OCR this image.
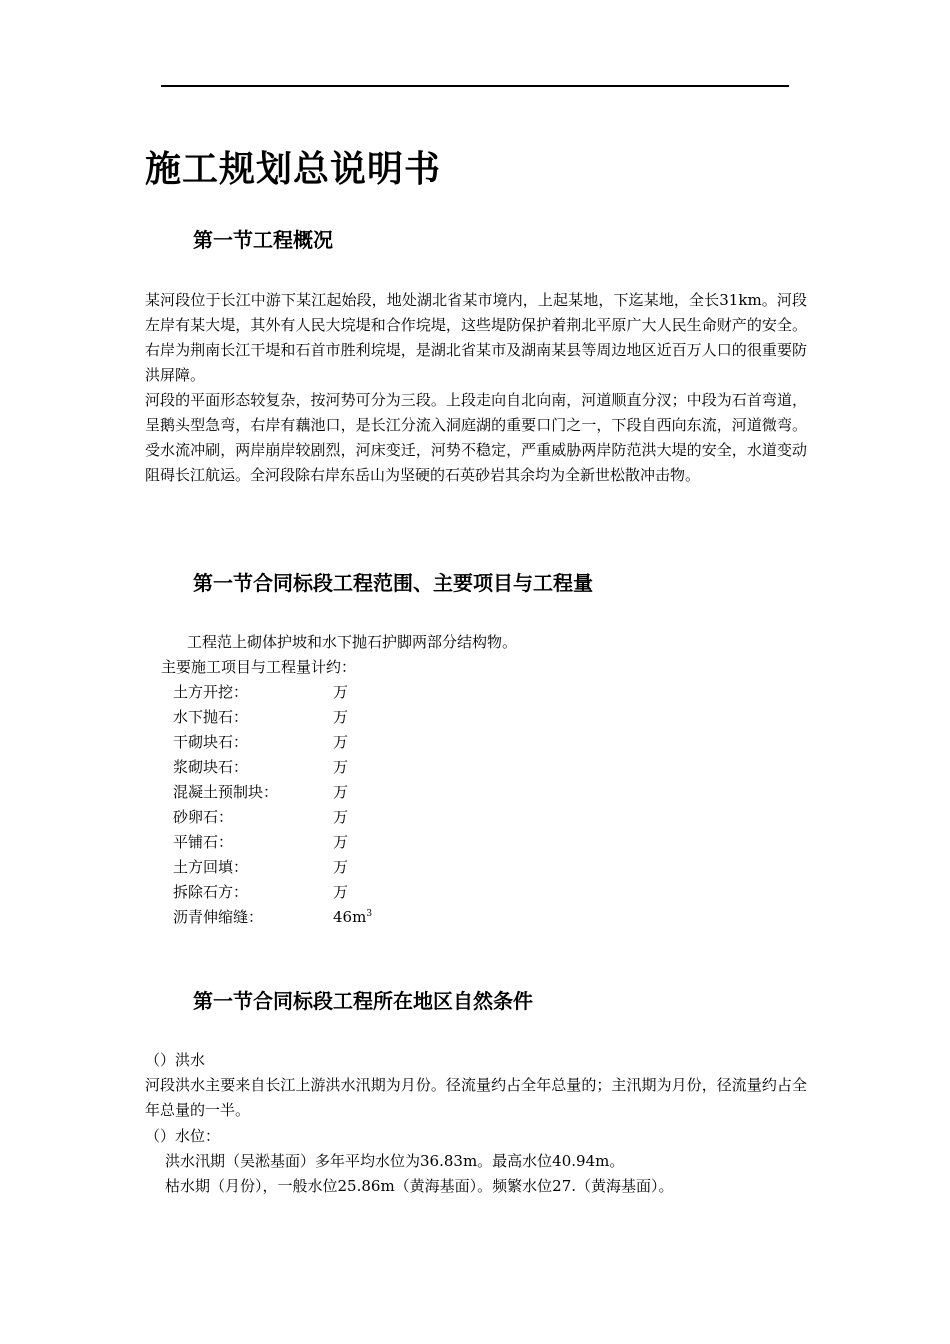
施工规划总说明书
第一节工程概况

某河段位于长江中游下某江起始段，地处湖北省某市境内，上起某地，下迄某地，全长31km。河段左岸有某大堤，其外有人民大垸堤和合作垸堤，这些堤防保护着荆北平原广大人民生命财产的安全。右岸为荆南长江干堤和石首市胜利垸堤，是湖北省某市及湖南某县等周边地区近百万人口的很重要防洪屏障。

河段的平面形态较复杂，按河势可分为三段。上段走向自北向南，河道顺直分汊；中段为石首弯道，呈鹅头型急弯，右岸有藕池口，是长江分流入洞庭湖的重要口门之一，下段自西向东流，河道微弯。受水流冲刷，两岸崩岸较剧烈，河床变迁，河势不稳定，严重威胁两岸防范洪大堤的安全，水道变动阻碍长江航运。全河段除右岸东岳山为坚硬的石英砂岩其余均为全新世松散冲击物。

第一节合同标段工程范围、主要项目与工程量

工程范上砌体护坡和水下抛石护脚两部分结构物。

主要施工项目与工程量计约：

土方开挖：	万
水下抛石：	万
干砌块石：	万
浆砌块石：	万
混凝土预制块：	万
砂卵石：	万
平铺石：	万
土方回填：	万
拆除石方：	万
沥青伸缩缝：	$46m^3$
第一节合同标段工程所在地区自然条件

（）洪水

河段洪水主要来自长江上游洪水汛期为月份。径流量约占全年总量的；主汛期为月份，径流量约占全年总量的一半。

（）水位：

洪水汛期（吴淞基面）多年平均水位为36.83m。最高水位40.94m。

枯水期（月份），一般水位25.86m（黄海基面）。频繁水位27.（黄海基面）。
